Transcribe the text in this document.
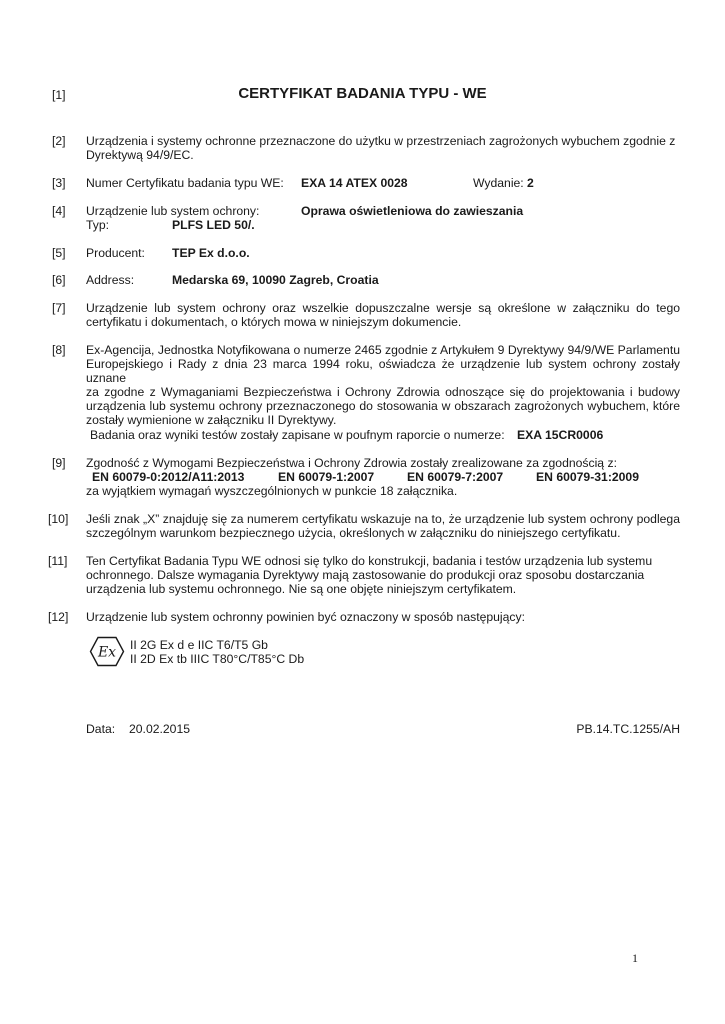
[1]	CERTYFIKAT BADANIA TYPU - WE
[2]	Urządzenia i systemy ochronne przeznaczone do użytku w przestrzeniach zagrożonych wybuchem zgodnie z
Dyrektywą 94/9/EC.
[3]	Numer Certyfikatu badania typu WE: EXA 14 ATEX 0028	Wydanie: 2
[4]	Urządzenie lub system ochrony:	Oprawa oświetleniowa do zawieszania
Typ:	PLFS LED 50/.
[5]	Producent: TEP Ex d.o.o.
[6]	Address:	Medarska 69, 10090 Zagreb, Croatia
[7]	Urządzenie lub system ochrony oraz wszelkie dopuszczalne wersje są określone w załączniku do tego
certyfikatu i dokumentach, o których mowa w niniejszym dokumencie.
[8]	Ex-Agencija, Jednostka Notyfikowana o numerze 2465 zgodnie z Artykułem 9 Dyrektywy 94/9/WE Parlamentu
Europejskiego i Rady z dnia 23 marca 1994 roku, oświadcza że urządzenie lub system ochrony zostały uznane
za zgodne z Wymaganiami Bezpieczeństwa i Ochrony Zdrowia odnoszące się do projektowania i budowy
urządzenia lub systemu ochrony przeznaczonego do stosowania w obszarach zagrożonych wybuchem, które
zostały wymienione w załączniku II Dyrektywy.
Badania oraz wyniki testów zostały zapisane w poufnym raporcie o numerze: EXA 15CR0006
[9]	Zgodność z Wymogami Bezpieczeństwa i Ochrony Zdrowia zostały zrealizowane za zgodnością z:
EN 60079-0:2012/A11:2013	EN 60079-1:2007	EN 60079-7:2007	EN 60079-31:2009
za wyjątkiem wymagań wyszczególnionych w punkcie 18 załącznika.
[10] Jeśli znak „X” znajduję się za numerem certyfikatu wskazuje na to, że urządzenie lub system ochrony podlega
szczególnym warunkom bezpiecznego użycia, określonych w załączniku do niniejszego certyfikatu.
[11] Ten Certyfikat Badania Typu WE odnosi się tylko do konstrukcji, badania i testów urządzenia lub systemu
ochronnego. Dalsze wymagania Dyrektywy mają zastosowanie do produkcji oraz sposobu dostarczania
urządzenia lub systemu ochronnego. Nie są one objęte niniejszym certyfikatem.
[12] Urządzenie lub system ochronny powinien być oznaczony w sposób następujący:
Ex II 2G Ex d e IIC T6/T5 Gb
II 2D Ex tb IIIC T80°C/T85°C Db
Data: 20.02.2015	PB.14.TC.1255/AH
1
